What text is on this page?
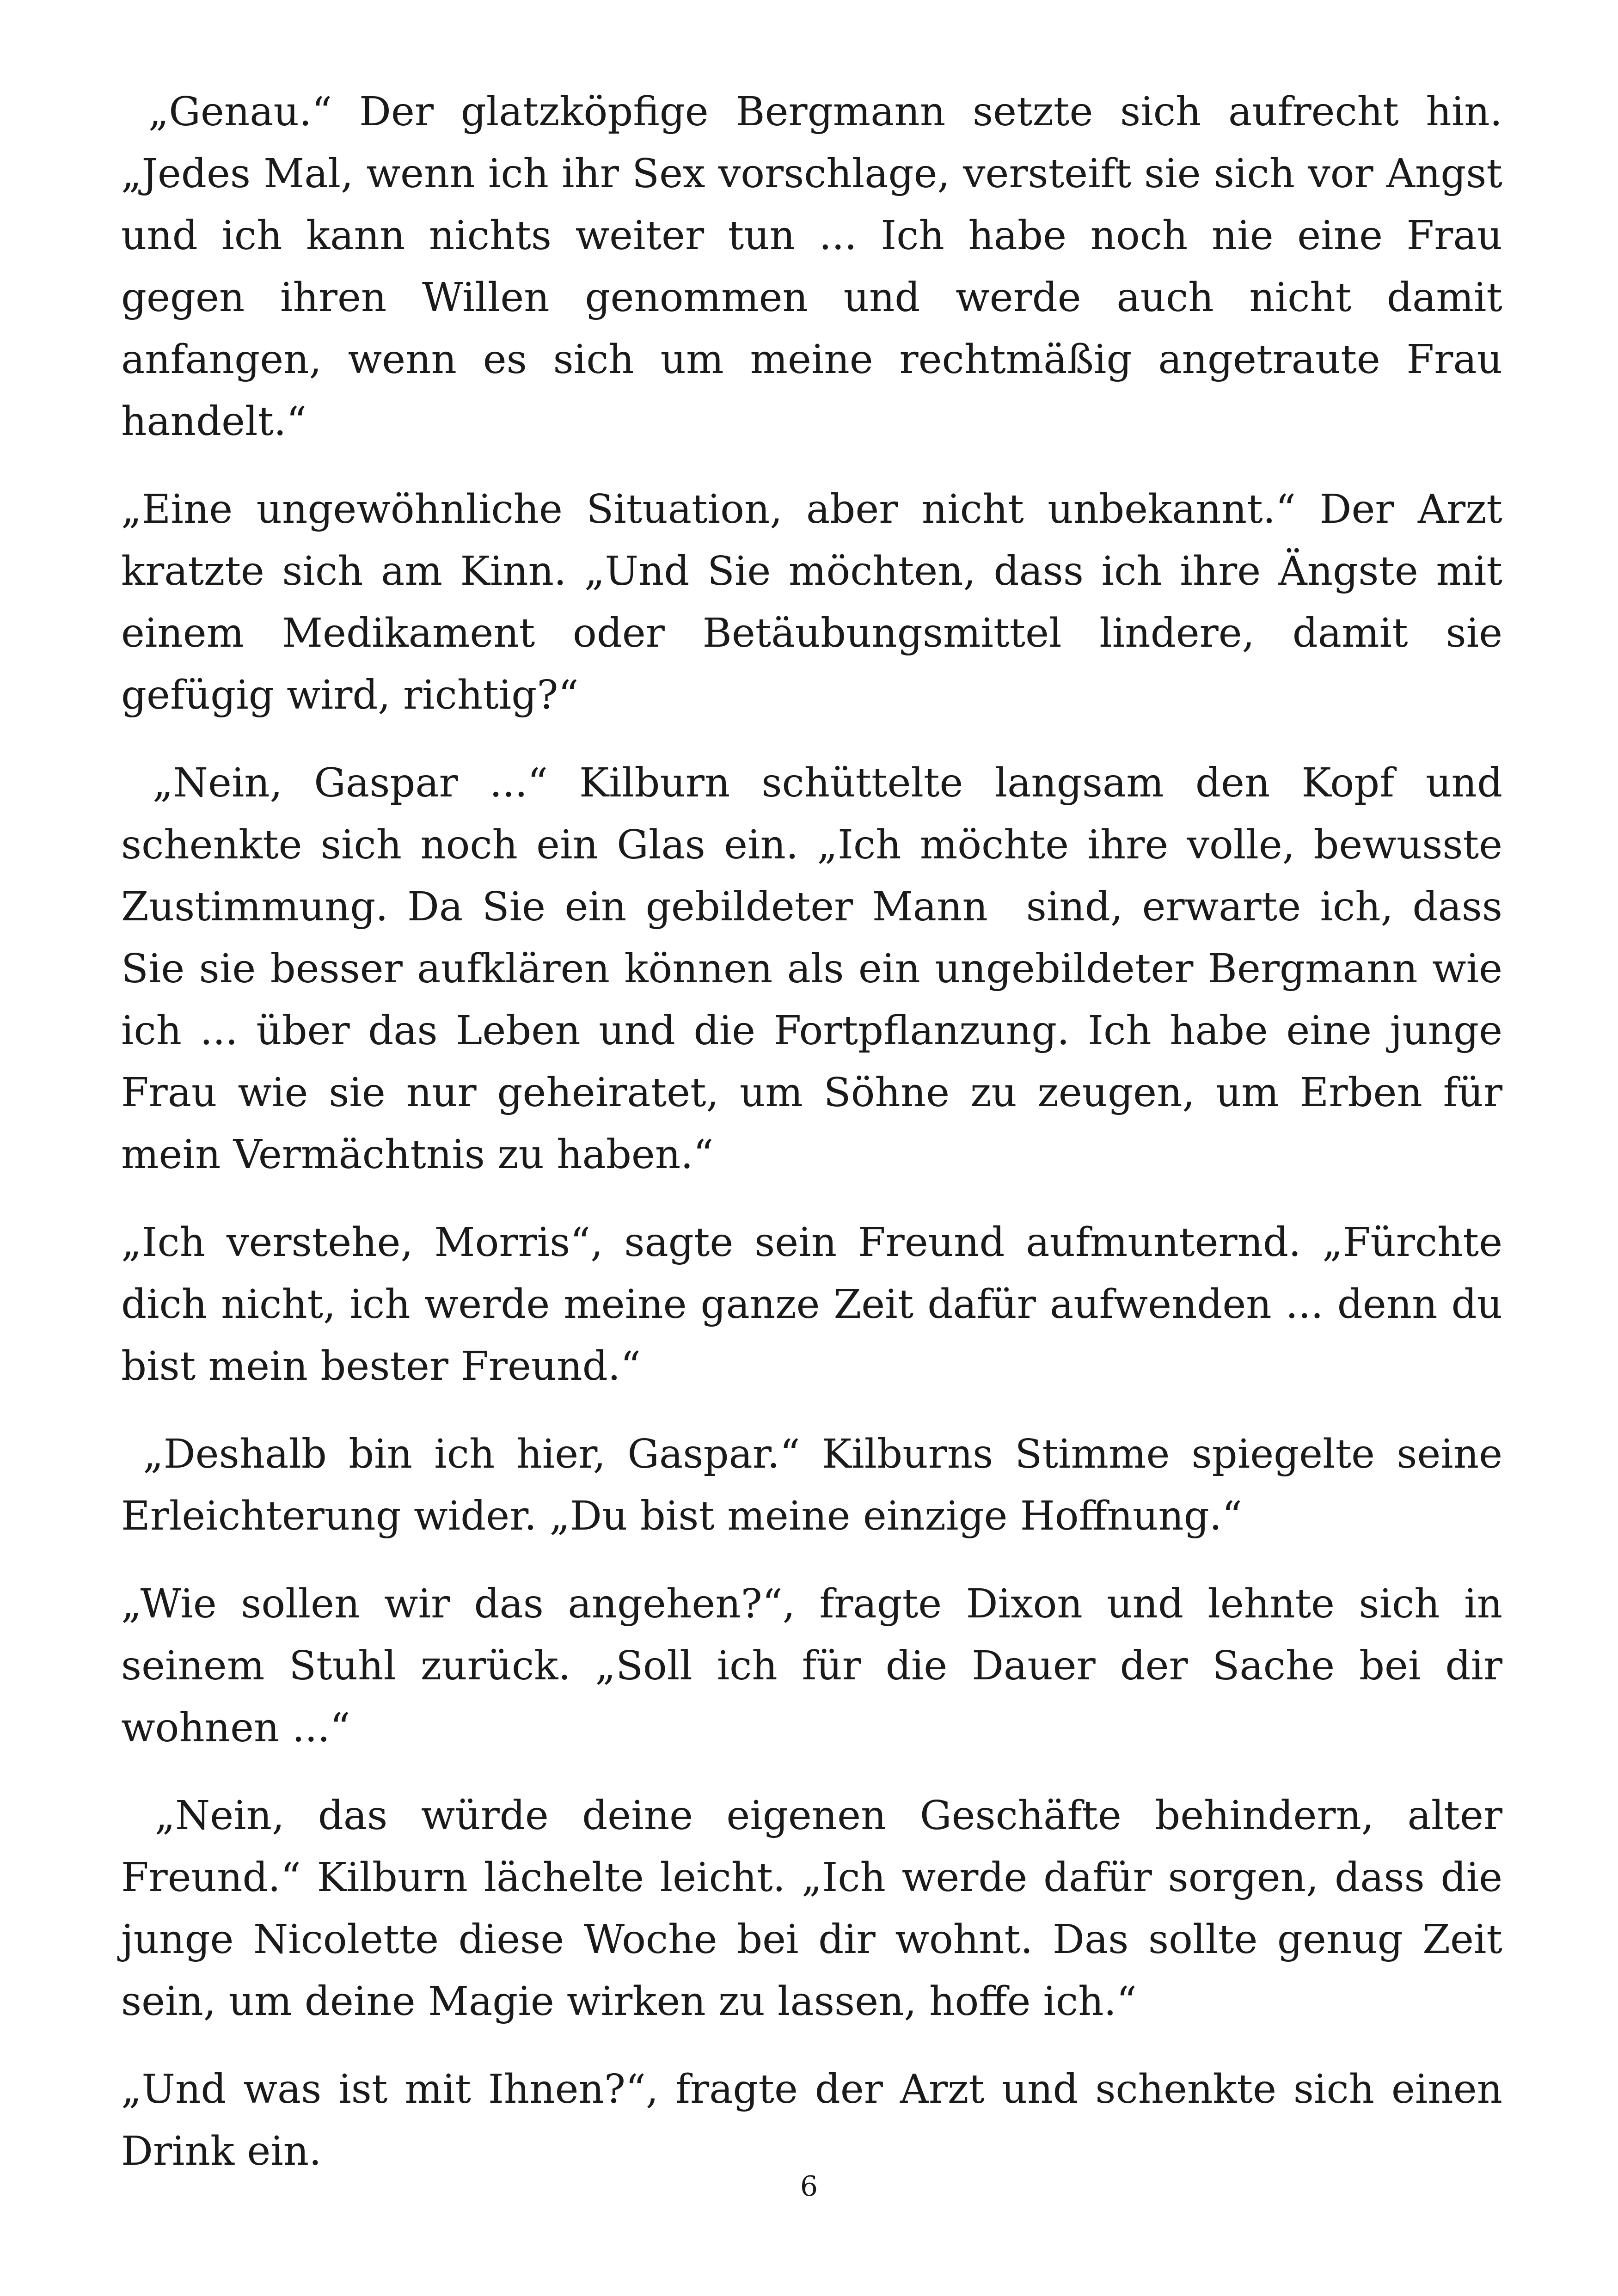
„Genau.“ Der glatzköpfige Bergmann setzte sich aufrecht hin. „Jedes Mal, wenn ich ihr Sex vorschlage, versteift sie sich vor Angst und ich kann nichts weiter tun ... Ich habe noch nie eine Frau gegen ihren Willen genommen und werde auch nicht damit anfangen, wenn es sich um meine rechtmäßig angetraute Frau handelt.“

„Eine ungewöhnliche Situation, aber nicht unbekannt.“ Der Arzt kratzte sich am Kinn. „Und Sie möchten, dass ich ihre Ängste mit einem Medikament oder Betäubungsmittel lindere, damit sie gefügig wird, richtig?“

„Nein, Gaspar ...“ Kilburn schüttelte langsam den Kopf und schenkte sich noch ein Glas ein. „Ich möchte ihre volle, bewusste Zustimmung. Da Sie ein gebildeter Mann  sind, erwarte ich, dass Sie sie besser aufklären können als ein ungebildeter Bergmann wie ich ... über das Leben und die Fortpflanzung. Ich habe eine junge Frau wie sie nur geheiratet, um Söhne zu zeugen, um Erben für mein Vermächtnis zu haben.“

„Ich verstehe, Morris“, sagte sein Freund aufmunternd. „Fürchte dich nicht, ich werde meine ganze Zeit dafür aufwenden ... denn du bist mein bester Freund.“

„Deshalb bin ich hier, Gaspar.“ Kilburns Stimme spiegelte seine Erleichterung wider. „Du bist meine einzige Hoffnung.“

„Wie sollen wir das angehen?“, fragte Dixon und lehnte sich in seinem Stuhl zurück. „Soll ich für die Dauer der Sache bei dir wohnen ...“

„Nein, das würde deine eigenen Geschäfte behindern, alter Freund.“ Kilburn lächelte leicht. „Ich werde dafür sorgen, dass die junge Nicolette diese Woche bei dir wohnt. Das sollte genug Zeit sein, um deine Magie wirken zu lassen, hoffe ich.“

„Und was ist mit Ihnen?“, fragte der Arzt und schenkte sich einen Drink ein.

6
